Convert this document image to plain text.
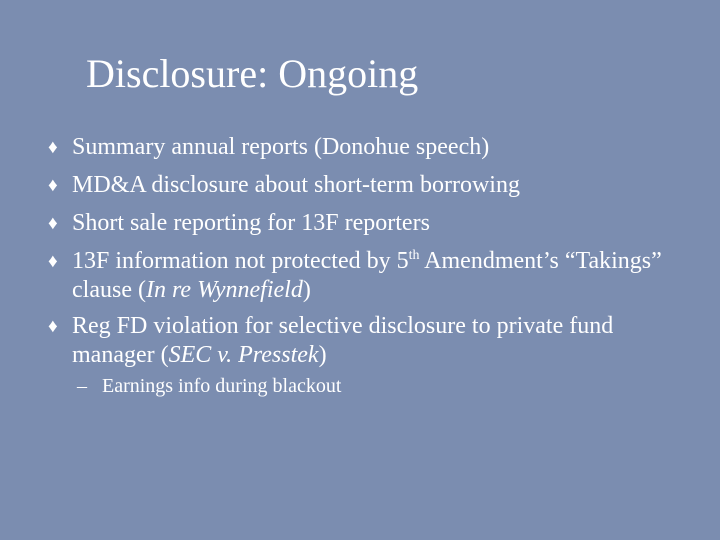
Disclosure: Ongoing
♦ Summary annual reports (Donohue speech)
♦ MD&A disclosure about short-term borrowing
♦ Short sale reporting for 13F reporters
♦ 13F information not protected by 5th Amendment’s “Takings” clause (In re Wynnefield)
♦ Reg FD violation for selective disclosure to private fund manager (SEC v. Presstek)
– Earnings info during blackout
